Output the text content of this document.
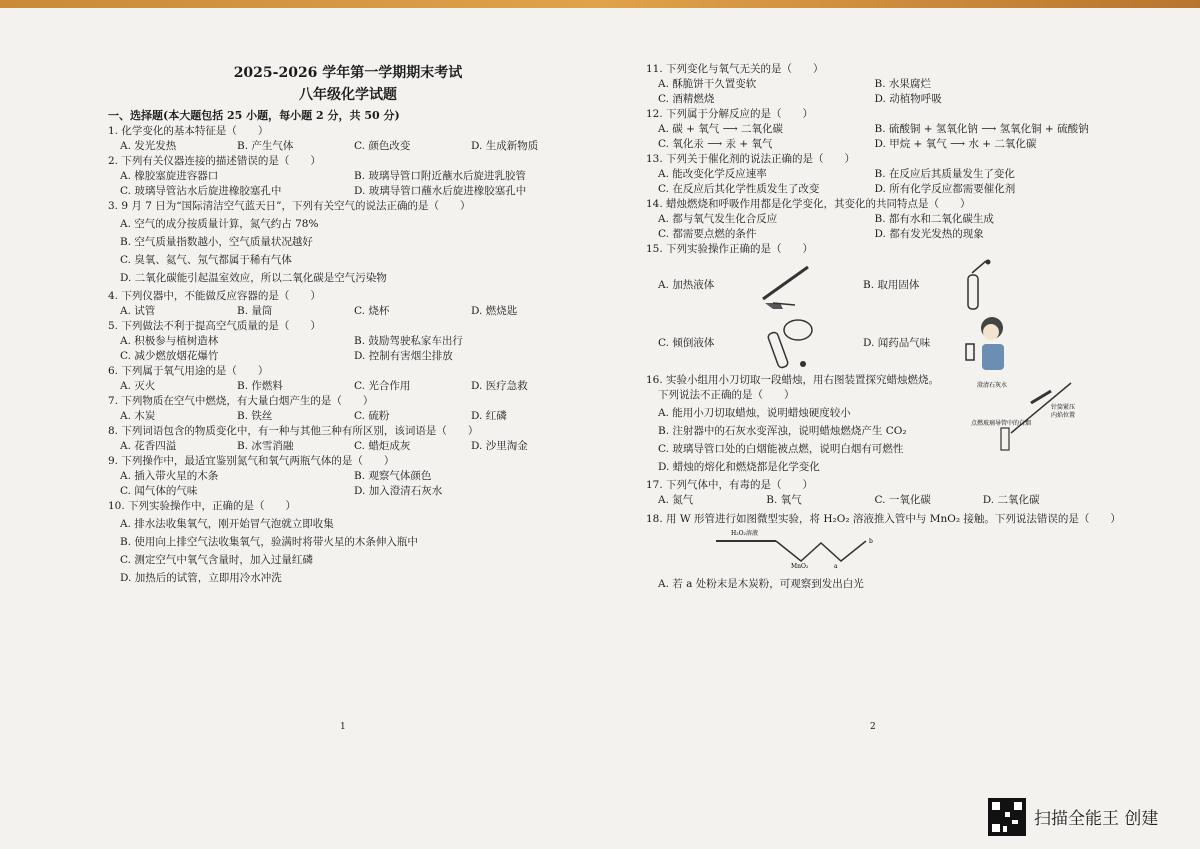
2025-2026 学年第一学期期末考试
八年级化学试题
一、选择题(本大题包括 25 小题，每小题 2 分，共 50 分)
1. 化学变化的基本特征是（　　）
A. 发光发热	B. 产生气体	C. 颜色改变	D. 生成新物质
2. 下列有关仪器连接的描述错误的是（　　）
A. 橡胶塞旋进容器口	B. 玻璃导管口附近蘸水后旋进乳胶管
C. 玻璃导管沾水后旋进橡胶塞孔中	D. 玻璃导管口蘸水后旋进橡胶塞孔中
3. 9 月 7 日为“国际清洁空气蓝天日”，下列有关空气的说法正确的是（　　）
A. 空气的成分按质量计算，氮气约占 78%
B. 空气质量指数越小，空气质量状况越好
C. 臭氧、氦气、氖气都属于稀有气体
D. 二氧化碳能引起温室效应，所以二氧化碳是空气污染物
4. 下列仪器中，不能做反应容器的是（　　）
A. 试管	B. 量筒	C. 烧杯	D. 燃烧匙
5. 下列做法不利于提高空气质量的是（　　）
A. 积极参与植树造林	B. 鼓励驾驶私家车出行
C. 减少燃放烟花爆竹	D. 控制有害烟尘排放
6. 下列属于氧气用途的是（　　）
A. 灭火	B. 作燃料	C. 光合作用	D. 医疗急救
7. 下列物质在空气中燃烧，有大量白烟产生的是（　　）
A. 木炭	B. 铁丝	C. 硫粉	D. 红磷
8. 下列词语包含的物质变化中，有一种与其他三种有所区别，该词语是（　　）
A. 花香四溢	B. 冰雪消融	C. 蜡炬成灰	D. 沙里淘金
9. 下列操作中，最适宜鉴别氮气和氧气两瓶气体的是（　　）
A. 插入带火星的木条	B. 观察气体颜色
C. 闻气体的气味	D. 加入澄清石灰水
10. 下列实验操作中，正确的是（　　）
A. 排水法收集氧气，刚开始冒气泡就立即收集
B. 使用向上排空气法收集氧气，验满时将带火星的木条伸入瓶中
C. 测定空气中氧气含量时，加入过量红磷
D. 加热后的试管，立即用冷水冲洗
1
11. 下列变化与氧气无关的是（　　）
A. 酥脆饼干久置变软	B. 水果腐烂
C. 酒精燃烧	D. 动植物呼吸
12. 下列属于分解反应的是（　　）
A. 碳 + 氧气 ⟶ 二氧化碳	B. 硫酸铜 + 氢氧化钠 ⟶ 氢氧化铜 + 硫酸钠
C. 氧化汞 ⟶ 汞 + 氧气	D. 甲烷 + 氧气 ⟶ 水 + 二氧化碳
13. 下列关于催化剂的说法正确的是（　　）
A. 能改变化学反应速率	B. 在反应后其质量发生了变化
C. 在反应后其化学性质发生了改变	D. 所有化学反应都需要催化剂
14. 蜡烛燃烧和呼吸作用都是化学变化，其变化的共同特点是（　　）
A. 都与氧气发生化合反应	B. 都有水和二氧化碳生成
C. 都需要点燃的条件	D. 都有发光发热的现象
15. 下列实验操作正确的是（　　）
A. 加热液体	B. 取用固体
C. 倾倒液体	D. 闻药品气味
16. 实验小组用小刀切取一段蜡烛，用右图装置探究蜡烛燃烧。
下列说法不正确的是（　　）
A. 能用小刀切取蜡烛，说明蜡烛硬度较小
B. 注射器中的石灰水变浑浊，说明蜡烛燃烧产生 CO₂
C. 玻璃导管口处的白烟能被点燃，说明白烟有可燃性
D. 蜡烛的熔化和燃烧都是化学变化
澄清石灰水
针筒紧压
内焰位置
点燃玻璃导管中的白烟
17. 下列气体中，有毒的是（　　）
A. 氮气	B. 氧气	C. 一氧化碳	D. 二氧化碳
18. 用 W 形管进行如图微型实验，将 H₂O₂ 溶液推入管中与 MnO₂ 接触。下列说法错误的是（　　）
H₂O₂溶液
MnO₂	a
b
A. 若 a 处粉末是木炭粉，可观察到发出白光
2
扫描全能王 创建
